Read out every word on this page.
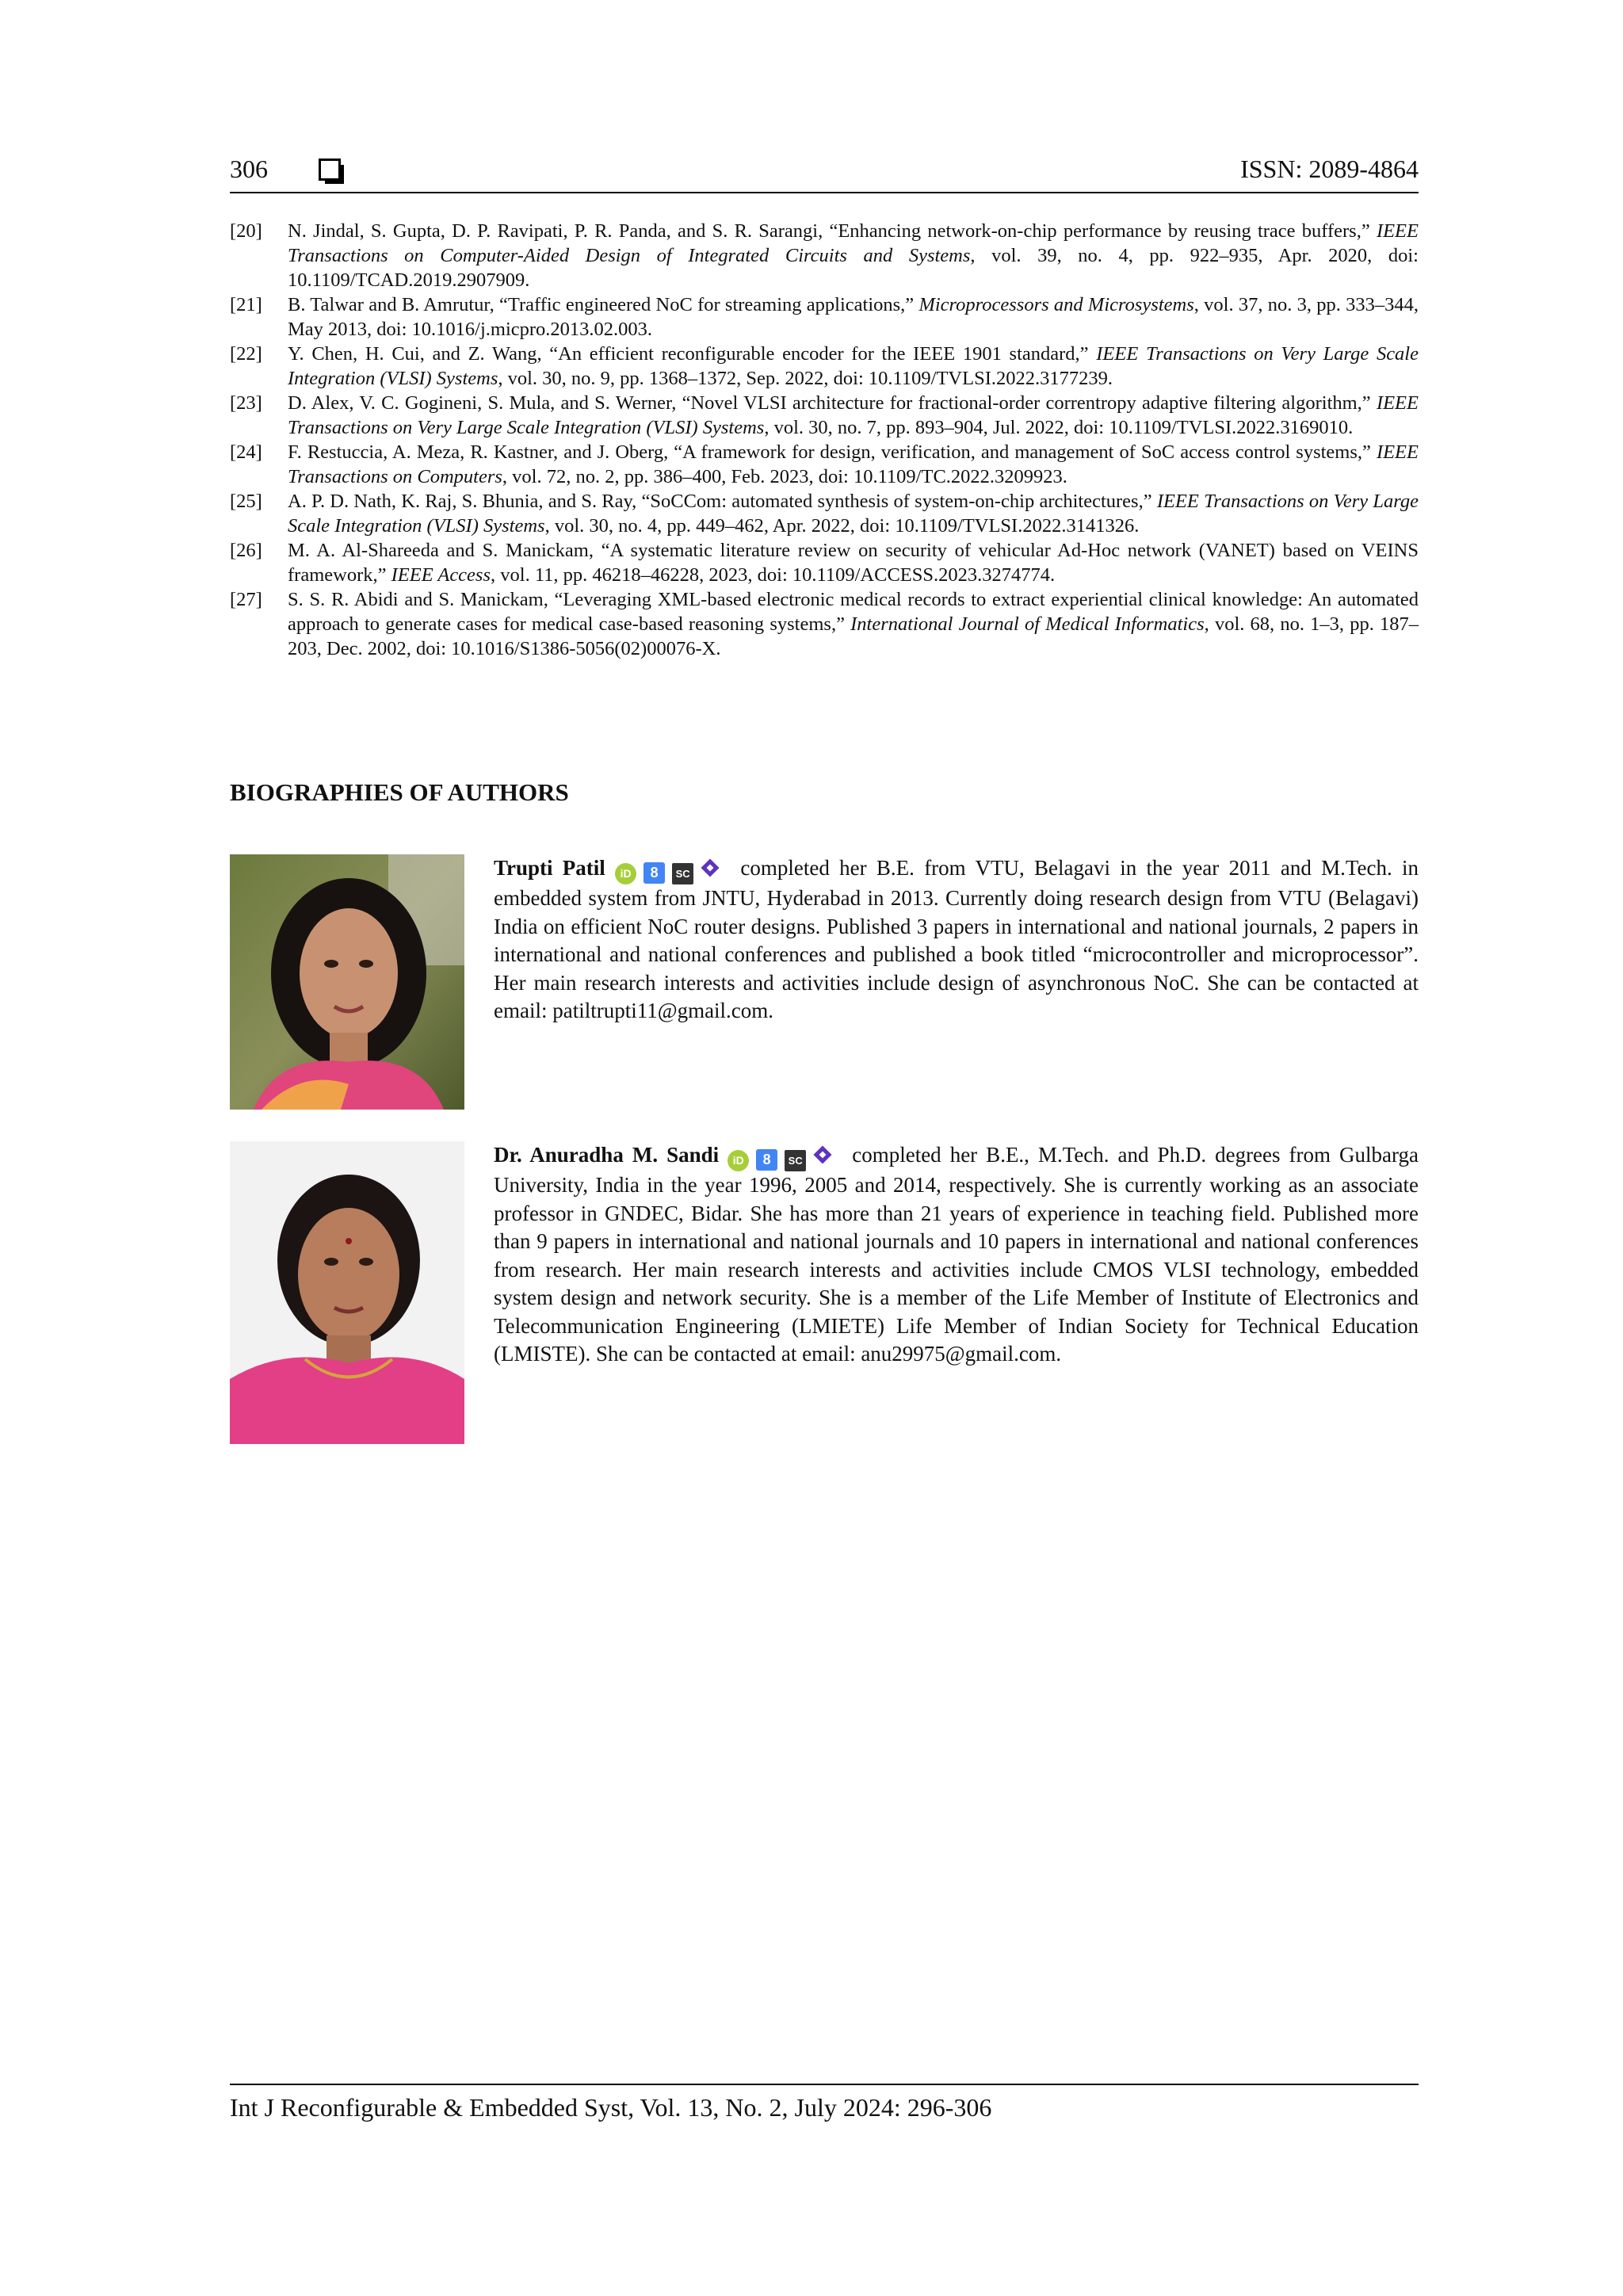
306	ISSN: 2089-4864
[20]	N. Jindal, S. Gupta, D. P. Ravipati, P. R. Panda, and S. R. Sarangi, “Enhancing network-on-chip performance by reusing trace buffers,” IEEE Transactions on Computer-Aided Design of Integrated Circuits and Systems, vol. 39, no. 4, pp. 922–935, Apr. 2020, doi: 10.1109/TCAD.2019.2907909.
[21]	B. Talwar and B. Amrutur, “Traffic engineered NoC for streaming applications,” Microprocessors and Microsystems, vol. 37, no. 3, pp. 333–344, May 2013, doi: 10.1016/j.micpro.2013.02.003.
[22]	Y. Chen, H. Cui, and Z. Wang, “An efficient reconfigurable encoder for the IEEE 1901 standard,” IEEE Transactions on Very Large Scale Integration (VLSI) Systems, vol. 30, no. 9, pp. 1368–1372, Sep. 2022, doi: 10.1109/TVLSI.2022.3177239.
[23]	D. Alex, V. C. Gogineni, S. Mula, and S. Werner, “Novel VLSI architecture for fractional-order correntropy adaptive filtering algorithm,” IEEE Transactions on Very Large Scale Integration (VLSI) Systems, vol. 30, no. 7, pp. 893–904, Jul. 2022, doi: 10.1109/TVLSI.2022.3169010.
[24]	F. Restuccia, A. Meza, R. Kastner, and J. Oberg, “A framework for design, verification, and management of SoC access control systems,” IEEE Transactions on Computers, vol. 72, no. 2, pp. 386–400, Feb. 2023, doi: 10.1109/TC.2022.3209923.
[25]	A. P. D. Nath, K. Raj, S. Bhunia, and S. Ray, “SoCCom: automated synthesis of system-on-chip architectures,” IEEE Transactions on Very Large Scale Integration (VLSI) Systems, vol. 30, no. 4, pp. 449–462, Apr. 2022, doi: 10.1109/TVLSI.2022.3141326.
[26]	M. A. Al-Shareeda and S. Manickam, “A systematic literature review on security of vehicular Ad-Hoc network (VANET) based on VEINS framework,” IEEE Access, vol. 11, pp. 46218–46228, 2023, doi: 10.1109/ACCESS.2023.3274774.
[27]	S. S. R. Abidi and S. Manickam, “Leveraging XML-based electronic medical records to extract experiential clinical knowledge: An automated approach to generate cases for medical case-based reasoning systems,” International Journal of Medical Informatics, vol. 68, no. 1–3, pp. 187–203, Dec. 2002, doi: 10.1016/S1386-5056(02)00076-X.
BIOGRAPHIES OF AUTHORS
Trupti Patil iD 8 SC completed her B.E. from VTU, Belagavi in the year 2011 and M.Tech. in embedded system from JNTU, Hyderabad in 2013. Currently doing research design from VTU (Belagavi) India on efficient NoC router designs. Published 3 papers in international and national journals, 2 papers in international and national conferences and published a book titled “microcontroller and microprocessor”. Her main research interests and activities include design of asynchronous NoC. She can be contacted at email: patiltrupti11@gmail.com.
Dr. Anuradha M. Sandi iD 8 SC completed her B.E., M.Tech. and Ph.D. degrees from Gulbarga University, India in the year 1996, 2005 and 2014, respectively. She is currently working as an associate professor in GNDEC, Bidar. She has more than 21 years of experience in teaching field. Published more than 9 papers in international and national journals and 10 papers in international and national conferences from research. Her main research interests and activities include CMOS VLSI technology, embedded system design and network security. She is a member of the Life Member of Institute of Electronics and Telecommunication Engineering (LMIETE) Life Member of Indian Society for Technical Education (LMISTE). She can be contacted at email: anu29975@gmail.com.
Int J Reconfigurable & Embedded Syst, Vol. 13, No. 2, July 2024: 296-306
